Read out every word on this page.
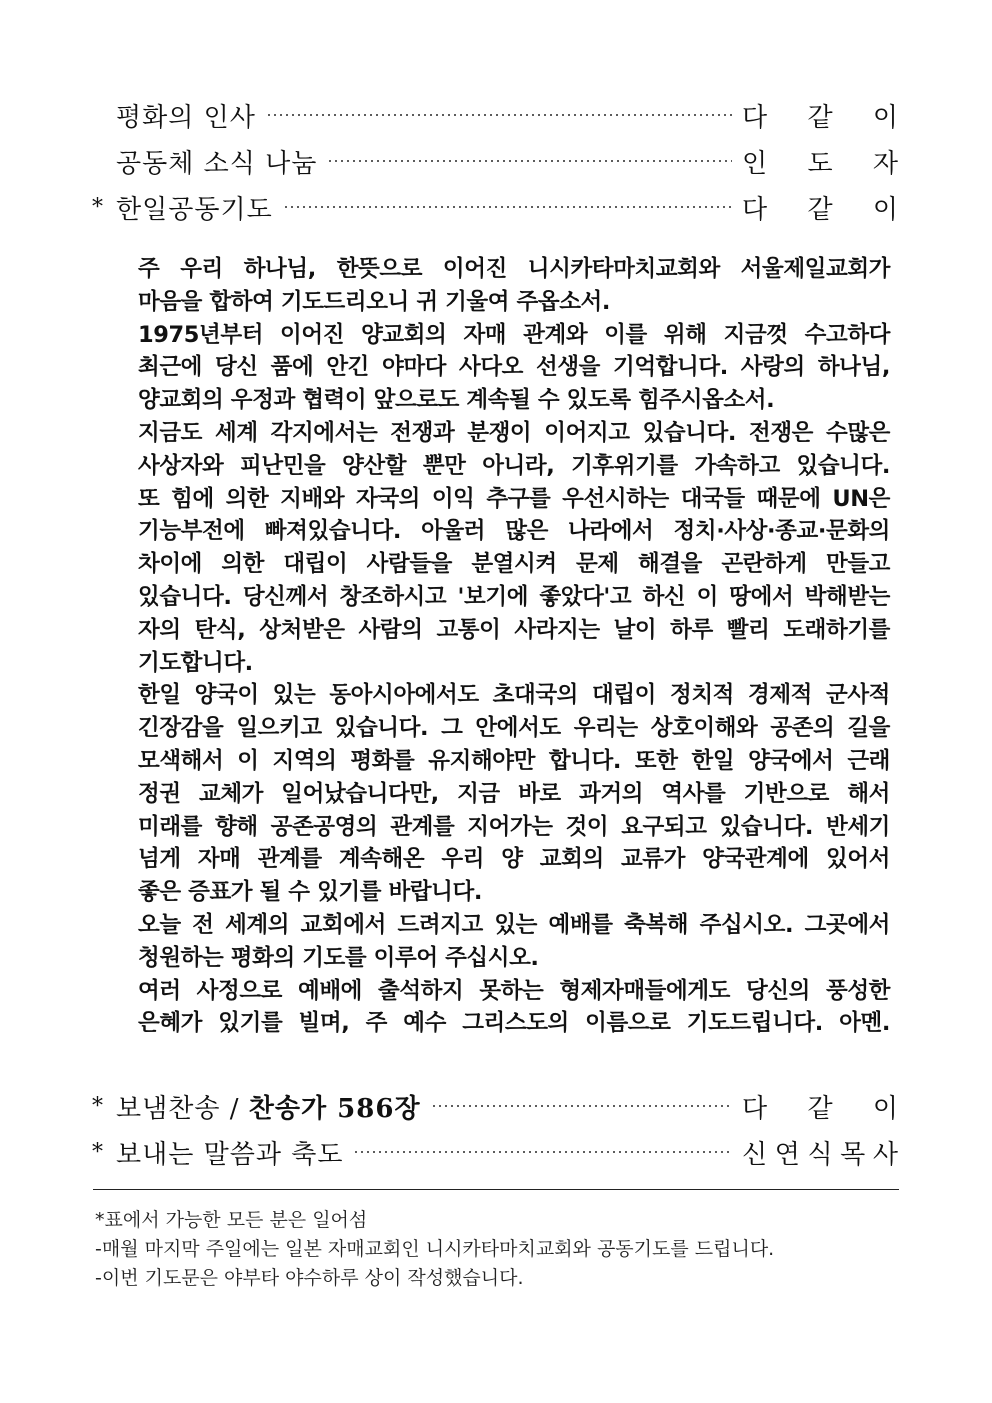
평화의 인사	다 같 이
공동체 소식 나눔	인 도 자
* 한일공동기도	다 같 이
주 우리 하나님, 한뜻으로 이어진 니시카타마치교회와 서울제일교회가
마음을 합하여 기도드리오니 귀 기울여 주옵소서.
1975년부터 이어진 양교회의 자매 관계와 이를 위해 지금껏 수고하다
최근에 당신 품에 안긴 야마다 사다오 선생을 기억합니다. 사랑의 하나님,
양교회의 우정과 협력이 앞으로도 계속될 수 있도록 힘주시옵소서.
지금도 세계 각지에서는 전쟁과 분쟁이 이어지고 있습니다. 전쟁은 수많은
사상자와 피난민을 양산할 뿐만 아니라, 기후위기를 가속하고 있습니다.
또 힘에 의한 지배와 자국의 이익 추구를 우선시하는 대국들 때문에 UN은
기능부전에 빠져있습니다. 아울러 많은 나라에서 정치·사상·종교·문화의
차이에 의한 대립이 사람들을 분열시켜 문제 해결을 곤란하게 만들고
있습니다. 당신께서 창조하시고 '보기에 좋았다'고 하신 이 땅에서 박해받는
자의 탄식, 상처받은 사람의 고통이 사라지는 날이 하루 빨리 도래하기를
기도합니다.
한일 양국이 있는 동아시아에서도 초대국의 대립이 정치적 경제적 군사적
긴장감을 일으키고 있습니다. 그 안에서도 우리는 상호이해와 공존의 길을
모색해서 이 지역의 평화를 유지해야만 합니다. 또한 한일 양국에서 근래
정권 교체가 일어났습니다만, 지금 바로 과거의 역사를 기반으로 해서
미래를 향해 공존공영의 관계를 지어가는 것이 요구되고 있습니다. 반세기
넘게 자매 관계를 계속해온 우리 양 교회의 교류가 양국관계에 있어서
좋은 증표가 될 수 있기를 바랍니다.
오늘 전 세계의 교회에서 드려지고 있는 예배를 축복해 주십시오. 그곳에서
청원하는 평화의 기도를 이루어 주십시오.
여러 사정으로 예배에 출석하지 못하는 형제자매들에게도 당신의 풍성한
은혜가 있기를 빌며, 주 예수 그리스도의 이름으로 기도드립니다. 아멘.
* 보냄찬송 / 찬송가 586장	다 같 이
* 보내는 말씀과 축도	신 연 식 목 사
*표에서 가능한 모든 분은 일어섬
-매월 마지막 주일에는 일본 자매교회인 니시카타마치교회와 공동기도를 드립니다.
-이번 기도문은 야부타 야수하루 상이 작성했습니다.
